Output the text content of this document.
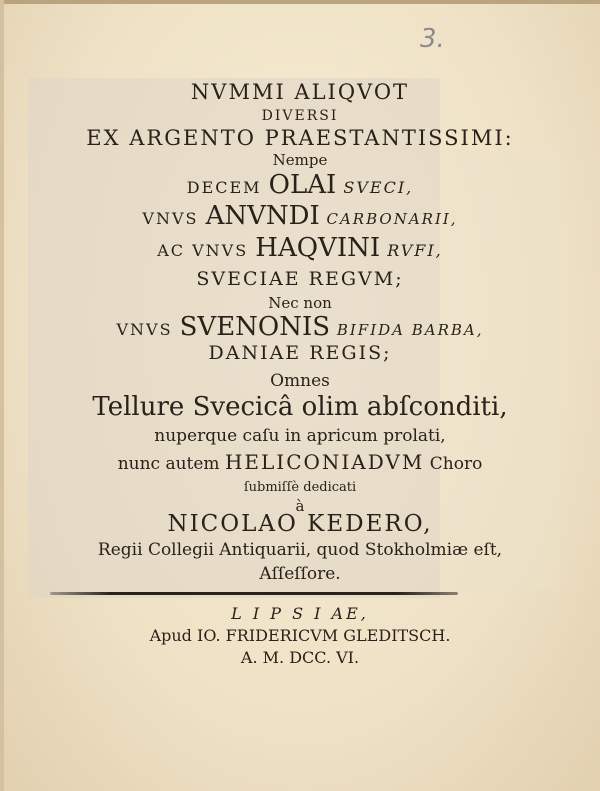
3.
NVMMI ALIQVOT
DIVERSI
EX ARGENTO PRAESTANTISSIMI:
Nempe
DECEM OLAI SVECI,
VNVS ANVNDI CARBONARII,
AC VNVS HAQVINI RVFI,
SVECIAE REGVM;
Nec non
VNVS SVENONIS BIFIDA BARBA,
DANIAE REGIS;
Omnes
Tellure Svecicâ olim abſconditi,
nuperque caſu in apricum prolati,
nunc autem HELICONIADVM Choro
ſubmiſſè dedicati
à
NICOLAO KEDERO,
Regii Collegii Antiquarii, quod Stokholmiæ eſt,
Aſſeſſore.
L I P S I AE,
Apud IO. FRIDERICVM GLEDITSCH.
A. M. DCC. VI.
